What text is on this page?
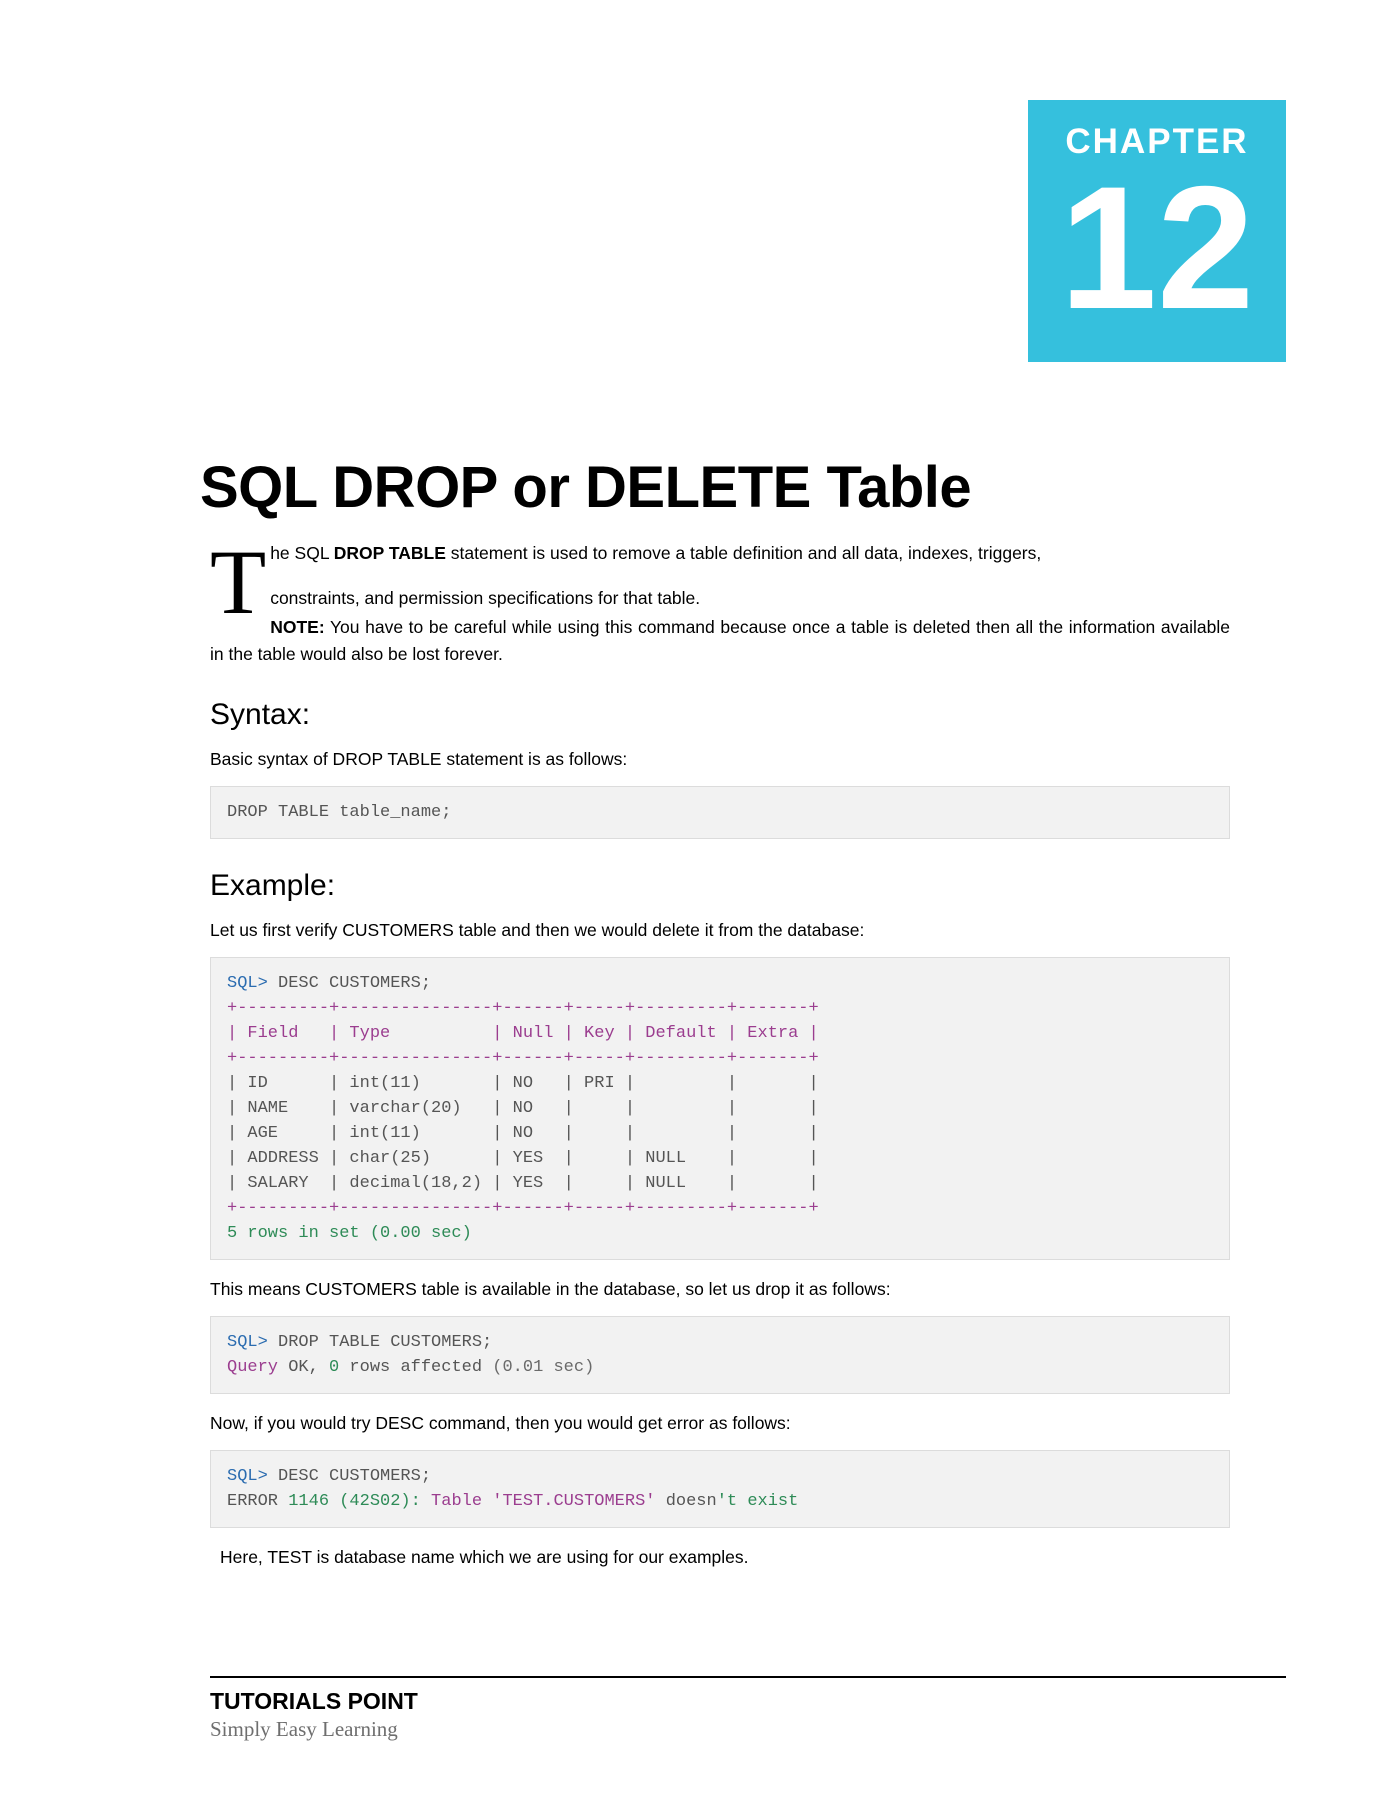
CHAPTER
12
SQL DROP or DELETE Table

The SQL DROP TABLE statement is used to remove a table definition and all data, indexes, triggers,

constraints, and permission specifications for that table.

NOTE: You have to be careful while using this command because once a table is deleted then all the information available in the table would also be lost forever.

Syntax:

Basic syntax of DROP TABLE statement is as follows:

DROP TABLE table_name;
Example:

Let us first verify CUSTOMERS table and then we would delete it from the database:

SQL> DESC CUSTOMERS;
+---------+---------------+------+-----+---------+-------+
| Field   | Type          | Null | Key | Default | Extra |
+---------+---------------+------+-----+---------+-------+
| ID      | int(11)       | NO   | PRI |         |       |
| NAME    | varchar(20)   | NO   |     |         |       |
| AGE     | int(11)       | NO   |     |         |       |
| ADDRESS | char(25)      | YES  |     | NULL    |       |
| SALARY  | decimal(18,2) | YES  |     | NULL    |       |
+---------+---------------+------+-----+---------+-------+
5 rows in set (0.00 sec)

This means CUSTOMERS table is available in the database, so let us drop it as follows:

SQL> DROP TABLE CUSTOMERS;
Query OK, 0 rows affected (0.01 sec)

Now, if you would try DESC command, then you would get error as follows:

SQL> DESC CUSTOMERS;
ERROR 1146 (42S02): Table 'TEST.CUSTOMERS' doesn't exist

Here, TEST is database name which we are using for our examples.

TUTORIALS POINT
Simply Easy Learning
